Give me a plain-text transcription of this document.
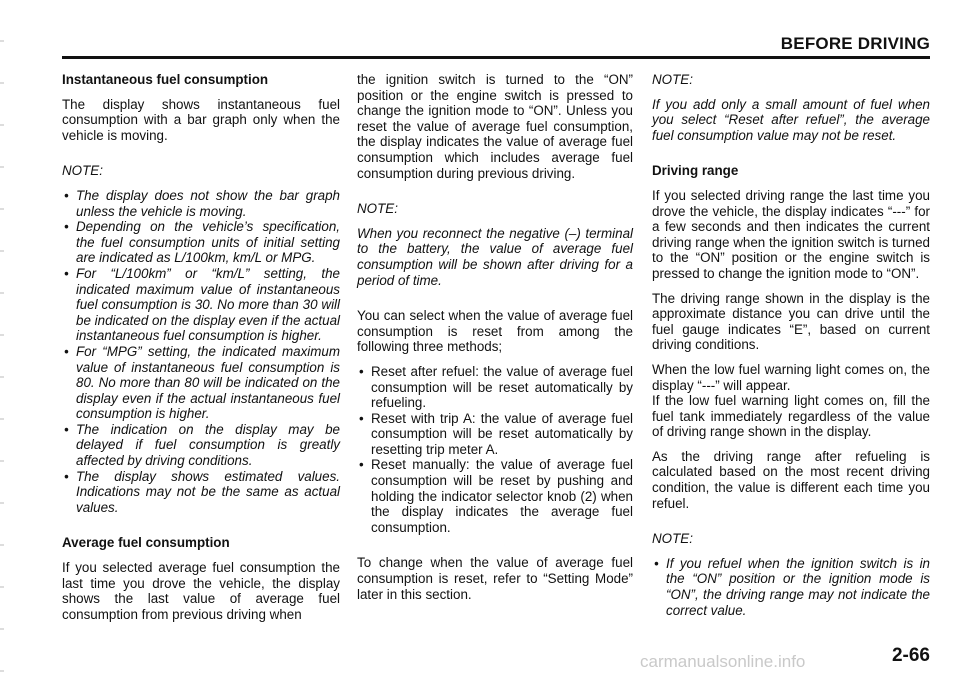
BEFORE DRIVING

Instantaneous fuel consumption

The display shows instantaneous fuel consumption with a bar graph only when the vehicle is moving.

NOTE:

• The display does not show the bar graph unless the vehicle is moving.
• Depending on the vehicle’s specification, the fuel consumption units of initial setting are indicated as L/100km, km/L or MPG.
• For “L/100km” or “km/L” setting, the indicated maximum value of instantaneous fuel consumption is 30. No more than 30 will be indicated on the display even if the actual instantaneous fuel consumption is higher.
• For “MPG” setting, the indicated maximum value of instantaneous fuel consumption is 80. No more than 80 will be indicated on the display even if the actual instantaneous fuel consumption is higher.
• The indication on the display may be delayed if fuel consumption is greatly affected by driving conditions.
• The display shows estimated values. Indications may not be the same as actual values.

Average fuel consumption

If you selected average fuel consumption the last time you drove the vehicle, the display shows the last value of average fuel consumption from previous driving when

the ignition switch is turned to the “ON” position or the engine switch is pressed to change the ignition mode to “ON”. Unless you reset the value of average fuel consumption, the display indicates the value of average fuel consumption which includes average fuel consumption during previous driving.

NOTE:

When you reconnect the negative (–) terminal to the battery, the value of average fuel consumption will be shown after driving for a period of time.

You can select when the value of average fuel consumption is reset from among the following three methods;

• Reset after refuel: the value of average fuel consumption will be reset automatically by refueling.
• Reset with trip A: the value of average fuel consumption will be reset automatically by resetting trip meter A.
• Reset manually: the value of average fuel consumption will be reset by pushing and holding the indicator selector knob (2) when the display indicates the average fuel consumption.

To change when the value of average fuel consumption is reset, refer to “Setting Mode” later in this section.

NOTE:

If you add only a small amount of fuel when you select “Reset after refuel”, the average fuel consumption value may not be reset.

Driving range

If you selected driving range the last time you drove the vehicle, the display indicates “---” for a few seconds and then indicates the current driving range when the ignition switch is turned to the “ON” position or the engine switch is pressed to change the ignition mode to “ON”.

The driving range shown in the display is the approximate distance you can drive until the fuel gauge indicates “E”, based on current driving conditions.

When the low fuel warning light comes on, the display “---” will appear.

If the low fuel warning light comes on, fill the fuel tank immediately regardless of the value of driving range shown in the display.

As the driving range after refueling is calculated based on the most recent driving condition, the value is different each time you refuel.

NOTE:

• If you refuel when the ignition switch is in the “ON” position or the ignition mode is “ON”, the driving range may not indicate the correct value.
carmanualsonline.info	2-66
